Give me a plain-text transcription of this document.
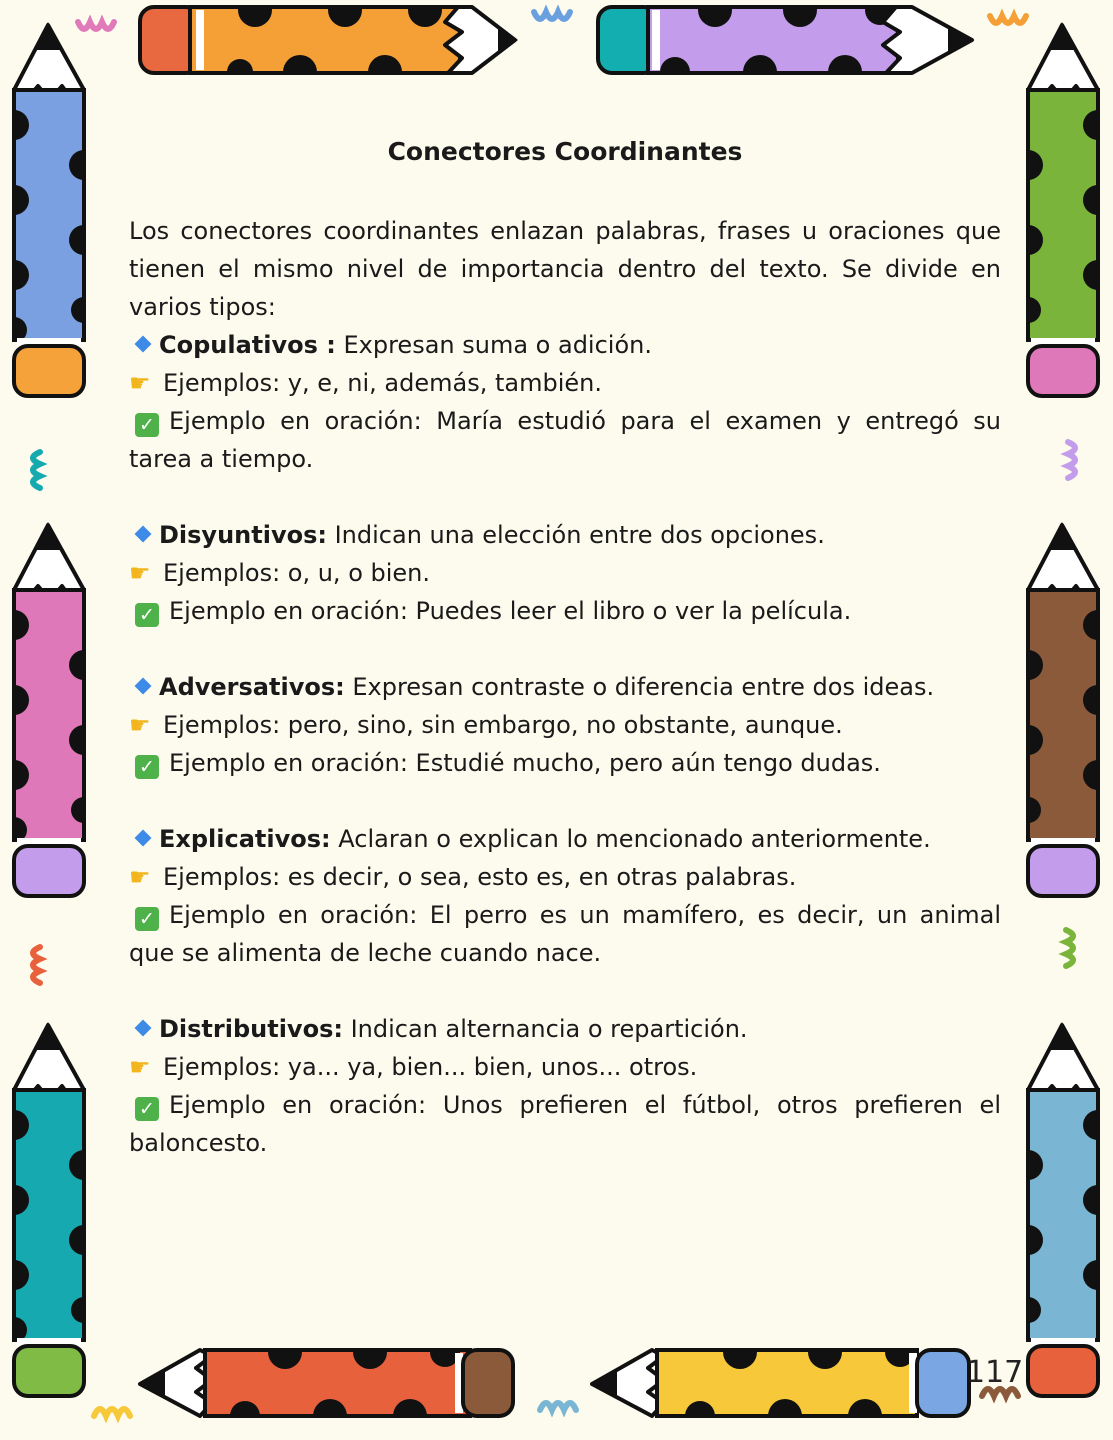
Conectores Coordinantes

Los conectores coordinantes enlazan palabras, frases u oraciones que tienen el mismo nivel de importancia dentro del texto. Se divide en varios tipos:

Copulativos : Expresan suma o adición.

☛ Ejemplos: y, e, ni, además, también.

✓ Ejemplo en oración: María estudió para el examen y entregó su tarea a tiempo.

Disyuntivos: Indican una elección entre dos opciones.

☛ Ejemplos: o, u, o bien.

✓ Ejemplo en oración: Puedes leer el libro o ver la película.

Adversativos: Expresan contraste o diferencia entre dos ideas.

☛ Ejemplos: pero, sino, sin embargo, no obstante, aunque.

✓ Ejemplo en oración: Estudié mucho, pero aún tengo dudas.

Explicativos: Aclaran o explican lo mencionado anteriormente.

☛ Ejemplos: es decir, o sea, esto es, en otras palabras.

✓ Ejemplo en oración: El perro es un mamífero, es decir, un animal que se alimenta de leche cuando nace.

Distributivos: Indican alternancia o repartición.

☛ Ejemplos: ya... ya, bien... bien, unos... otros.

✓ Ejemplo en oración: Unos prefieren el fútbol, otros prefieren el baloncesto.

117
